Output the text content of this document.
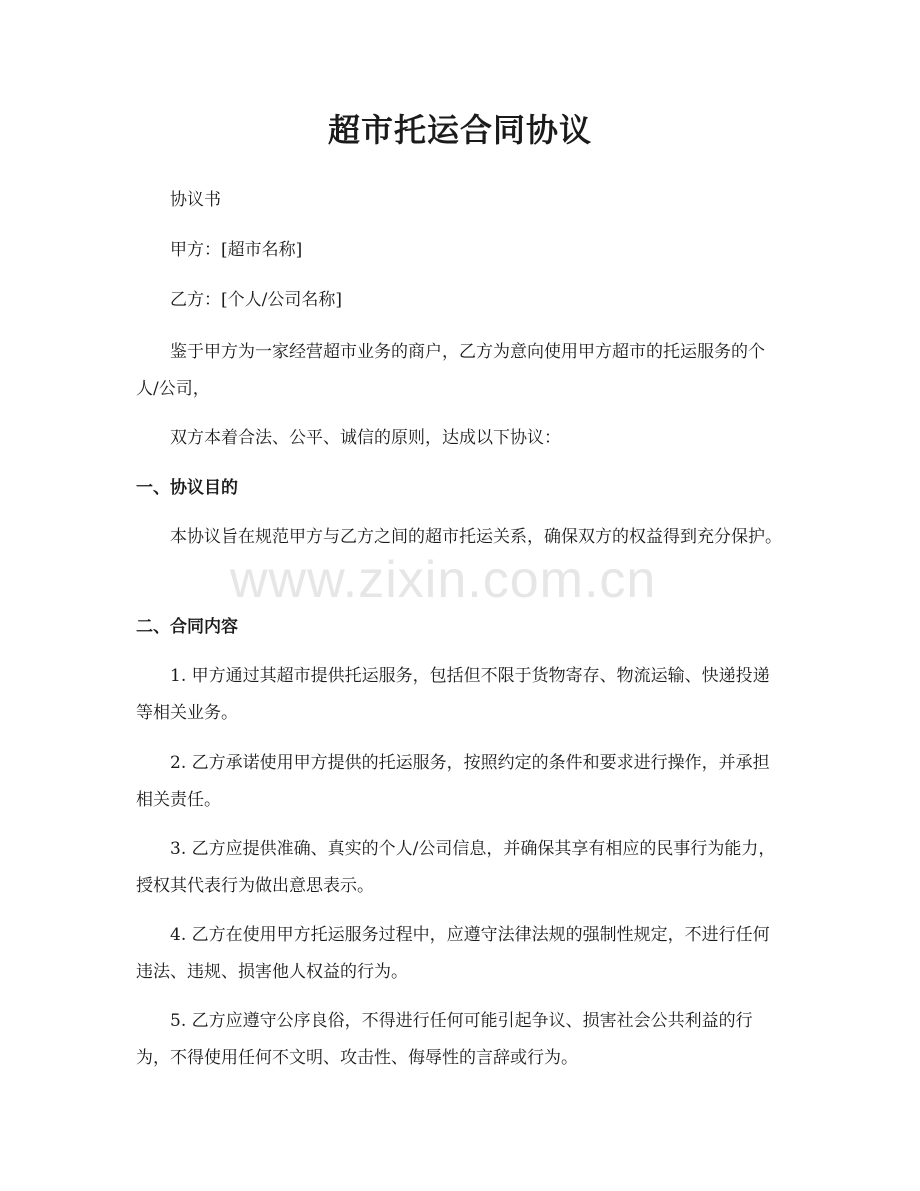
超市托运合同协议

协议书

甲方：[超市名称]

乙方：[个人/公司名称]

鉴于甲方为一家经营超市业务的商户，乙方为意向使用甲方超市的托运服务的个人/公司，

双方本着合法、公平、诚信的原则，达成以下协议：

一、协议目的

本协议旨在规范甲方与乙方之间的超市托运关系，确保双方的权益得到充分保护。

二、合同内容

1. 甲方通过其超市提供托运服务，包括但不限于货物寄存、物流运输、快递投递等相关业务。

2. 乙方承诺使用甲方提供的托运服务，按照约定的条件和要求进行操作，并承担相关责任。

3. 乙方应提供准确、真实的个人/公司信息，并确保其享有相应的民事行为能力，授权其代表行为做出意思表示。

4. 乙方在使用甲方托运服务过程中，应遵守法律法规的强制性规定，不进行任何违法、违规、损害他人权益的行为。

5. 乙方应遵守公序良俗，不得进行任何可能引起争议、损害社会公共利益的行为，不得使用任何不文明、攻击性、侮辱性的言辞或行为。

www.zixin.com.cn
